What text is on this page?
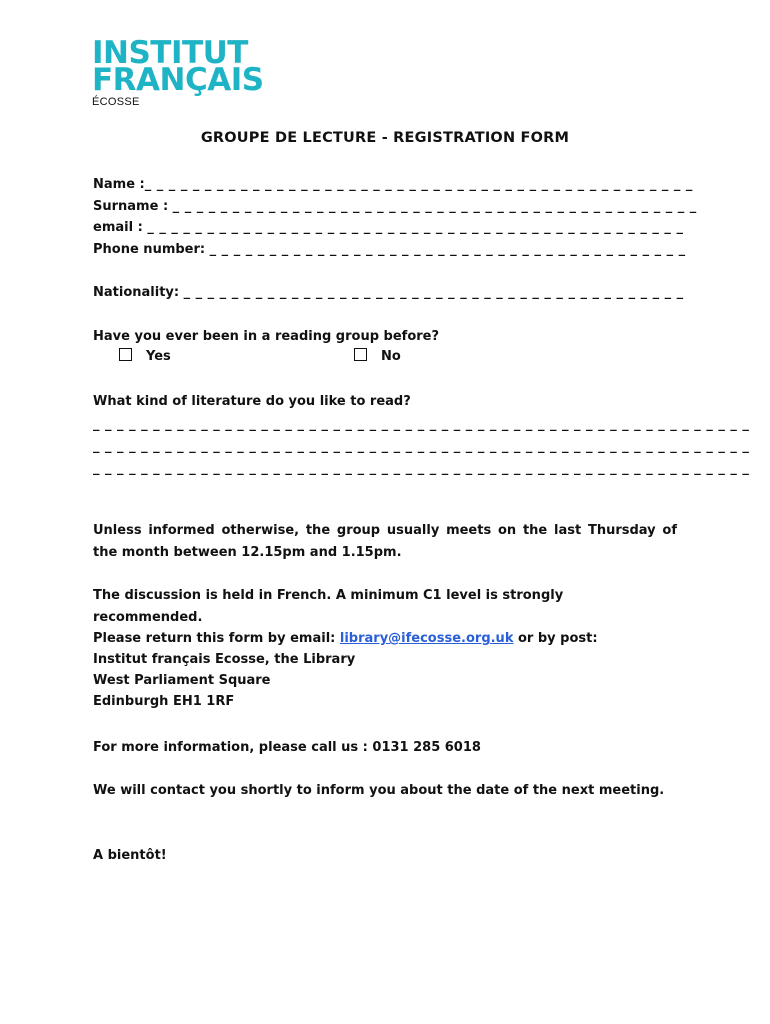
INSTITUT
FRANÇAIS
ÉCOSSE
GROUPE DE LECTURE - REGISTRATION FORM
Name :_ _ _ _ _ _ _ _ _ _ _ _ _ _ _ _ _ _ _ _ _ _ _ _ _ _ _ _ _ _ _ _ _ _ _ _ _ _ _ _ _ _ _ _ _ _
Surname : _ _ _ _ _ _ _ _ _ _ _ _ _ _ _ _ _ _ _ _ _ _ _ _ _ _ _ _ _ _ _ _ _ _ _ _ _ _ _ _ _ _ _ _
email : _ _ _ _ _ _ _ _ _ _ _ _ _ _ _ _ _ _ _ _ _ _ _ _ _ _ _ _ _ _ _ _ _ _ _ _ _ _ _ _ _ _ _ _ _
Phone number: _ _ _ _ _ _ _ _ _ _ _ _ _ _ _ _ _ _ _ _ _ _ _ _ _ _ _ _ _ _ _ _ _ _ _ _ _ _ _ _
Nationality: _ _ _ _ _ _ _ _ _ _ _ _ _ _ _ _ _ _ _ _ _ _ _ _ _ _ _ _ _ _ _ _ _ _ _ _ _ _ _ _ _ _
Have you ever been in a reading group before?
Yes	No
What kind of literature do you like to read?
_ _ _ _ _ _ _ _ _ _ _ _ _ _ _ _ _ _ _ _ _ _ _ _ _ _ _ _ _ _ _ _ _ _ _ _ _ _ _ _ _ _ _ _ _ _ _ _ _ _ _ _ _ _ _
_ _ _ _ _ _ _ _ _ _ _ _ _ _ _ _ _ _ _ _ _ _ _ _ _ _ _ _ _ _ _ _ _ _ _ _ _ _ _ _ _ _ _ _ _ _ _ _ _ _ _ _ _ _ _
_ _ _ _ _ _ _ _ _ _ _ _ _ _ _ _ _ _ _ _ _ _ _ _ _ _ _ _ _ _ _ _ _ _ _ _ _ _ _ _ _ _ _ _ _ _ _ _ _ _ _ _ _ _ _
Unless informed otherwise, the group usually meets on the last Thursday of the month between 12.15pm and 1.15pm.
The discussion is held in French. A minimum C1 level is strongly recommended.
Please return this form by email: library@ifecosse.org.uk or by post:
Institut français Ecosse, the Library
West Parliament Square
Edinburgh EH1 1RF
For more information, please call us : 0131 285 6018
We will contact you shortly to inform you about the date of the next meeting.
A bientôt!
